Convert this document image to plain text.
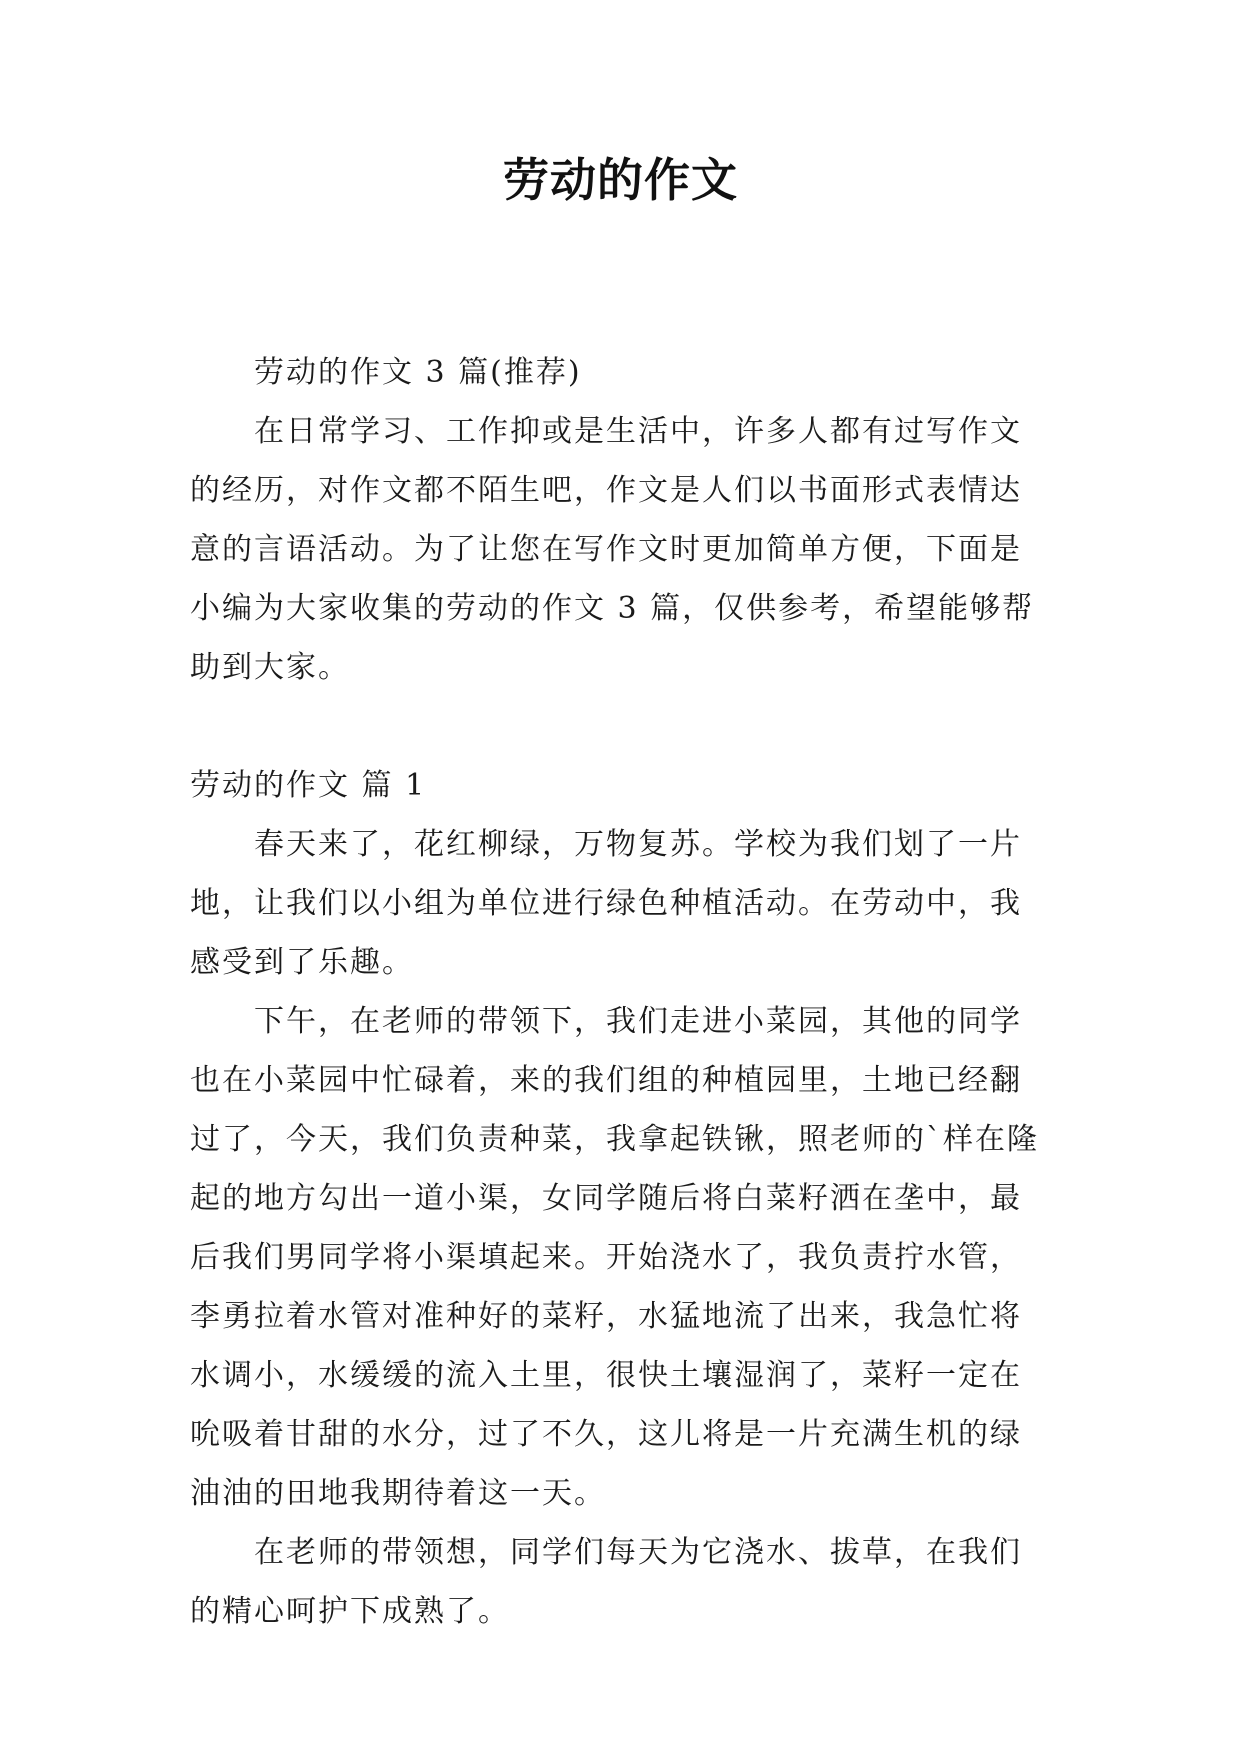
劳动的作文

劳动的作文 3 篇(推荐)

在日常学习、工作抑或是生活中，许多人都有过写作文的经历，对作文都不陌生吧，作文是人们以书面形式表情达意的言语活动。为了让您在写作文时更加简单方便，下面是小编为大家收集的劳动的作文 3 篇，仅供参考，希望能够帮助到大家。

劳动的作文 篇 1

春天来了，花红柳绿，万物复苏。学校为我们划了一片地，让我们以小组为单位进行绿色种植活动。在劳动中，我感受到了乐趣。

下午，在老师的带领下，我们走进小菜园，其他的同学也在小菜园中忙碌着，来的我们组的种植园里，土地已经翻过了，今天，我们负责种菜，我拿起铁锹，照老师的`样在隆起的地方勾出一道小渠，女同学随后将白菜籽洒在垄中，最后我们男同学将小渠填起来。开始浇水了，我负责拧水管，李勇拉着水管对准种好的菜籽，水猛地流了出来，我急忙将水调小，水缓缓的流入土里，很快土壤湿润了，菜籽一定在吮吸着甘甜的水分，过了不久，这儿将是一片充满生机的绿油油的田地我期待着这一天。

在老师的带领想，同学们每天为它浇水、拔草，在我们的精心呵护下成熟了。
